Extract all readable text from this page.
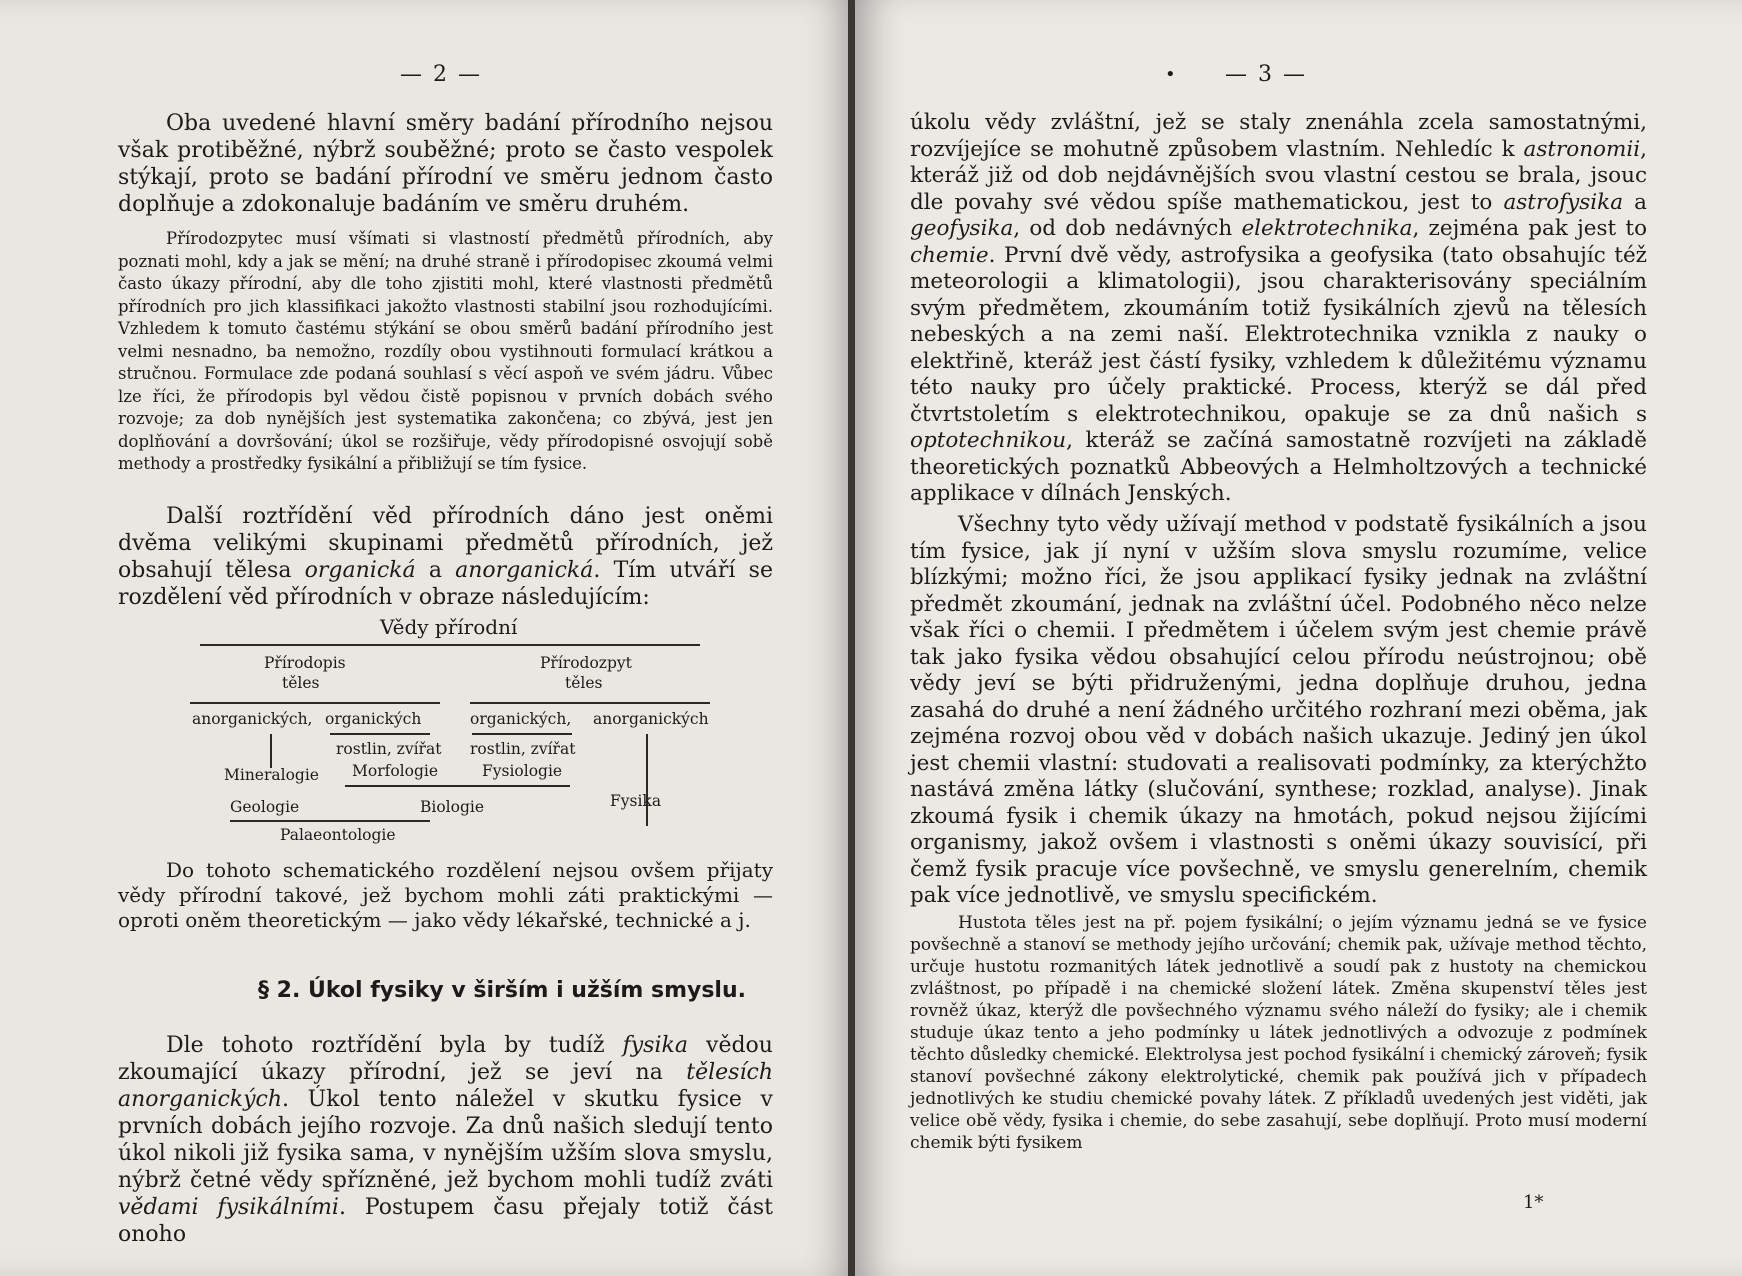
— 2 —

Oba uvedené hlavní směry badání přírodního nejsou však protiběžné, nýbrž souběžné; proto se často vespolek stýkají, proto se badání přírodní ve směru jednom často doplňuje a zdokonaluje badáním ve směru druhém.

Přírodozpytec musí všímati si vlastností předmětů přírodních, aby poznati mohl, kdy a jak se mění; na druhé straně i přírodopisec zkoumá velmi často úkazy přírodní, aby dle toho zjistiti mohl, které vlastnosti předmětů přírodních pro jich klassifikaci jakožto vlastnosti stabilní jsou rozhodujícími. Vzhledem k tomuto častému stýkání se obou směrů badání přírodního jest velmi nesnadno, ba nemožno, rozdíly obou vystihnouti formulací krátkou a stručnou. Formulace zde podaná souhlasí s věcí aspoň ve svém jádru. Vůbec lze říci, že přírodopis byl vědou čistě popisnou v prvních dobách svého rozvoje; za dob nynějších jest systematika zakončena; co zbývá, jest jen doplňování a dovršování; úkol se rozšiřuje, vědy přírodopisné osvojují sobě methody a prostředky fysikální a přibližují se tím fysice.

Další roztřídění věd přírodních dáno jest oněmi dvěma velikými skupinami předmětů přírodních, jež obsahují tělesa organická a anorganická. Tím utváří se rozdělení věd přírodních v obraze následujícím:

Vědy přírodní
Přírodopis
těles
Přírodozpyt
těles
anorganických, organických	organických, anorganických
rostlin, zvířat rostlin, zvířat
Mineralogie Morfologie	Fysiologie
Geologie	Biologie	Fysika
Palaeontologie

Do tohoto schematického rozdělení nejsou ovšem přijaty vědy přírodní takové, jež bychom mohli záti praktickými — oproti oněm theoretickým — jako vědy lékařské, technické a j.

§ 2. Úkol fysiky v širším i užším smyslu.

Dle tohoto roztřídění byla by tudíž fysika vědou zkoumající úkazy přírodní, jež se jeví na tělesích anorganických. Úkol tento náležel v skutku fysice v prvních dobách jejího rozvoje. Za dnů našich sledují tento úkol nikoli již fysika sama, v nynějším užším slova smyslu, nýbrž četné vědy spřízněné, jež bychom mohli tudíž zváti vědami fysikálními. Postupem času přejaly totiž část onoho

• — 3 —

úkolu vědy zvláštní, jež se staly znenáhla zcela samostatnými, rozvíjejíce se mohutně způsobem vlastním. Nehledíc k astronomii, kteráž již od dob nejdávnějších svou vlastní cestou se brala, jsouc dle povahy své vědou spíše mathematickou, jest to astrofysika a geofysika, od dob nedávných elektrotechnika, zejména pak jest to chemie. První dvě vědy, astrofysika a geofysika (tato obsahujíc též meteorologii a klimatologii), jsou charakterisovány speciálním svým předmětem, zkoumáním totiž fysikálních zjevů na tělesích nebeských a na zemi naší. Elektrotechnika vznikla z nauky o elektřině, kteráž jest částí fysiky, vzhledem k důležitému významu této nauky pro účely praktické. Process, kterýž se dál před čtvrtstoletím s elektrotechnikou, opakuje se za dnů našich s optotechnikou, kteráž se začíná samostatně rozvíjeti na základě theoretických poznatků Abbeových a Helmholtzových a technické applikace v dílnách Jenských.

Všechny tyto vědy užívají method v podstatě fysikálních a jsou tím fysice, jak jí nyní v užším slova smyslu rozumíme, velice blízkými; možno říci, že jsou applikací fysiky jednak na zvláštní předmět zkoumání, jednak na zvláštní účel. Podobného něco nelze však říci o chemii. I předmětem i účelem svým jest chemie právě tak jako fysika vědou obsahující celou přírodu neústrojnou; obě vědy jeví se býti přidruženými, jedna doplňuje druhou, jedna zasahá do druhé a není žádného určitého rozhraní mezi oběma, jak zejména rozvoj obou věd v dobách našich ukazuje. Jediný jen úkol jest chemii vlastní: studovati a realisovati podmínky, za kterýchžto nastává změna látky (slučování, synthese; rozklad, analyse). Jinak zkoumá fysik i chemik úkazy na hmotách, pokud nejsou žijícími organismy, jakož ovšem i vlastnosti s oněmi úkazy souvisící, při čemž fysik pracuje více povšechně, ve smyslu generelním, chemik pak více jednotlivě, ve smyslu specifickém.

Hustota těles jest na př. pojem fysikální; o jejím významu jedná se ve fysice povšechně a stanoví se methody jejího určování; chemik pak, užívaje method těchto, určuje hustotu rozmanitých látek jednotlivě a soudí pak z hustoty na chemickou zvláštnost, po případě i na chemické složení látek. Změna skupenství těles jest rovněž úkaz, kterýž dle povšechného významu svého náleží do fysiky; ale i chemik studuje úkaz tento a jeho podmínky u látek jednotlivých a odvozuje z podmínek těchto důsledky chemické. Elektrolysa jest pochod fysikální i chemický zároveň; fysik stanoví povšechné zákony elektrolytické, chemik pak používá jich v případech jednotlivých ke studiu chemické povahy látek. Z příkladů uvedených jest viděti, jak velice obě vědy, fysika i chemie, do sebe zasahují, sebe doplňují. Proto musí moderní chemik býti fysikem

1*
